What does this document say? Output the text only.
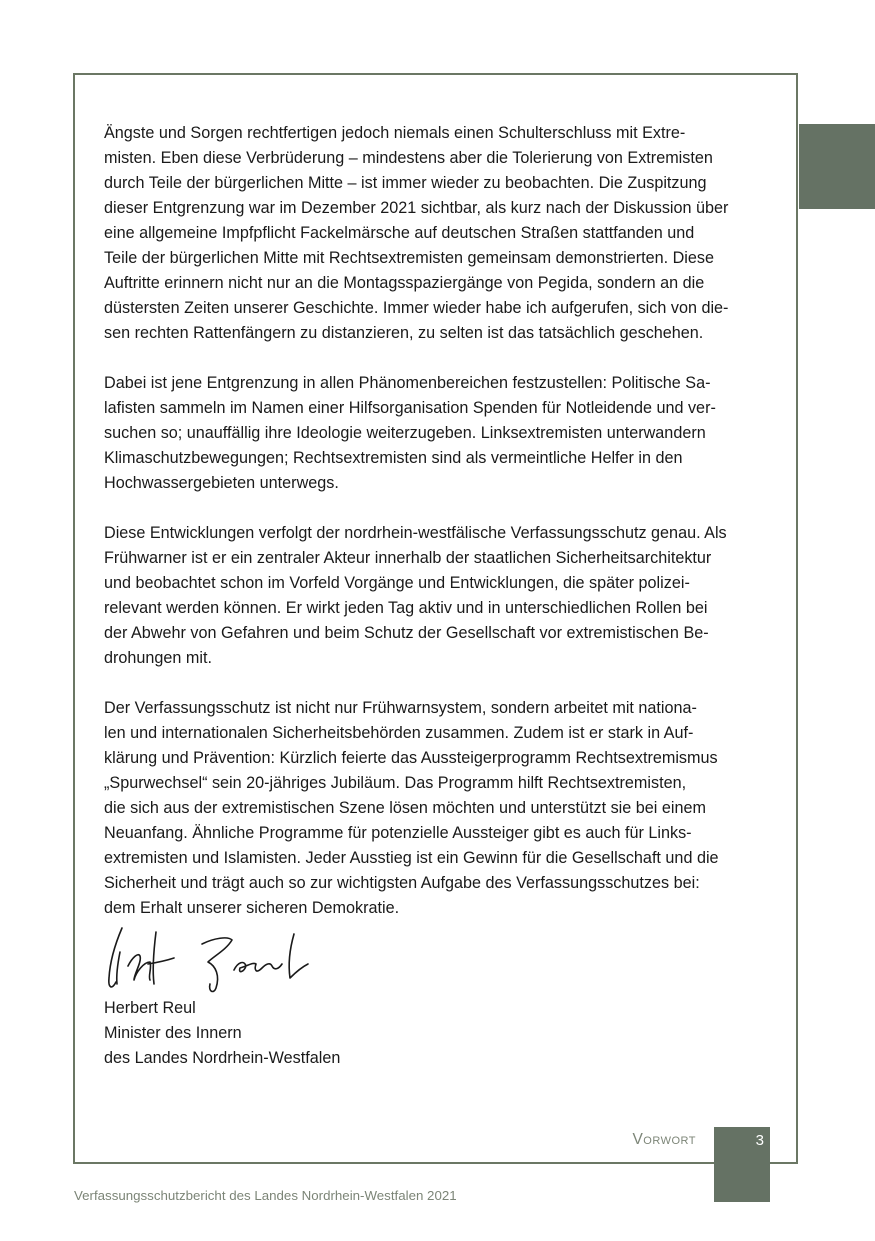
Ängste und Sorgen rechtfertigen jedoch niemals einen Schulterschluss mit Extre-
misten. Eben diese Verbrüderung – mindestens aber die Tolerierung von Extremisten
durch Teile der bürgerlichen Mitte – ist immer wieder zu beobachten. Die Zuspitzung
dieser Entgrenzung war im Dezember 2021 sichtbar, als kurz nach der Diskussion über
eine allgemeine Impfpflicht Fackelmärsche auf deutschen Straßen stattfanden und
Teile der bürgerlichen Mitte mit Rechtsextremisten gemeinsam demonstrierten. Diese
Auftritte erinnern nicht nur an die Montagsspaziergänge von Pegida, sondern an die
düstersten Zeiten unserer Geschichte. Immer wieder habe ich aufgerufen, sich von die-
sen rechten Rattenfängern zu distanzieren, zu selten ist das tatsächlich geschehen.

Dabei ist jene Entgrenzung in allen Phänomenbereichen festzustellen: Politische Sa-
lafisten sammeln im Namen einer Hilfsorganisation Spenden für Notleidende und ver-
suchen so; unauffällig ihre Ideologie weiterzugeben. Linksextremisten unterwandern
Klimaschutzbewegungen; Rechtsextremisten sind als vermeintliche Helfer in den
Hochwassergebieten unterwegs.

Diese Entwicklungen verfolgt der nordrhein-westfälische Verfassungsschutz genau. Als
Frühwarner ist er ein zentraler Akteur innerhalb der staatlichen Sicherheitsarchitektur
und beobachtet schon im Vorfeld Vorgänge und Entwicklungen, die später polizei-
relevant werden können. Er wirkt jeden Tag aktiv und in unterschiedlichen Rollen bei
der Abwehr von Gefahren und beim Schutz der Gesellschaft vor extremistischen Be-
drohungen mit.

Der Verfassungsschutz ist nicht nur Frühwarnsystem, sondern arbeitet mit nationa-
len und internationalen Sicherheitsbehörden zusammen. Zudem ist er stark in Auf-
klärung und Prävention: Kürzlich feierte das Aussteigerprogramm Rechtsextremismus
„Spurwechsel“ sein 20-jähriges Jubiläum. Das Programm hilft Rechtsextremisten,
die sich aus der extremistischen Szene lösen möchten und unterstützt sie bei einem
Neuanfang. Ähnliche Programme für potenzielle Aussteiger gibt es auch für Links-
extremisten und Islamisten. Jeder Ausstieg ist ein Gewinn für die Gesellschaft und die
Sicherheit und trägt auch so zur wichtigsten Aufgabe des Verfassungsschutzes bei:
dem Erhalt unserer sicheren Demokratie.

Herbert Reul
Minister des Innern
des Landes Nordrhein-Westfalen
Vorwort	3
Verfassungsschutzbericht des Landes Nordrhein-Westfalen 2021
